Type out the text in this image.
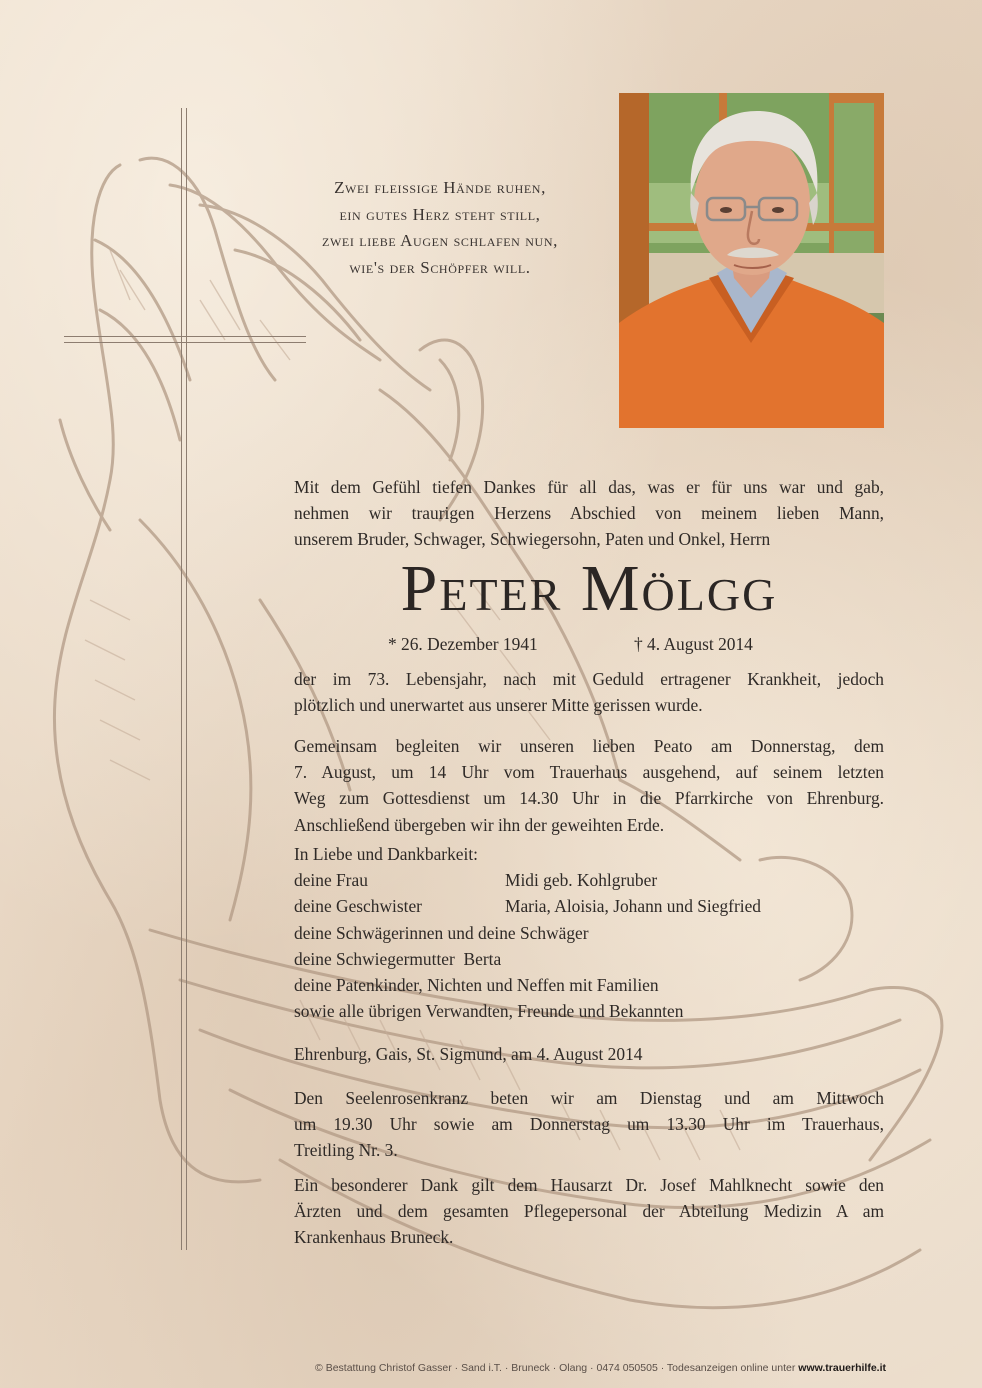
Zwei fleissige Hände ruhen,
ein gutes Herz steht still,
zwei liebe Augen schlafen nun,
wie's der Schöpfer will.
Mit dem Gefühl tiefen Dankes für all das, was er für uns war und gab,
nehmen wir traurigen Herzens Abschied von meinem lieben Mann,
unserem Bruder, Schwager, Schwiegersohn, Paten und Onkel, Herrn
Peter Mölgg
* 26. Dezember 1941	† 4. August 2014
der im 73. Lebensjahr, nach mit Geduld ertragener Krankheit, jedoch
plötzlich und unerwartet aus unserer Mitte gerissen wurde.
Gemeinsam begleiten wir unseren lieben Peato am Donnerstag, dem
7. August, um 14 Uhr vom Trauerhaus ausgehend, auf seinem letzten
Weg zum Gottesdienst um 14.30 Uhr in die Pfarrkirche von Ehrenburg.
Anschließend übergeben wir ihn der geweihten Erde.
In Liebe und Dankbarkeit:
deine Frau	Midi geb. Kohlgruber
deine Geschwister	Maria, Aloisia, Johann und Siegfried
deine Schwägerinnen und deine Schwäger
deine Schwiegermutter  Berta
deine Patenkinder, Nichten und Neffen mit Familien
sowie alle übrigen Verwandten, Freunde und Bekannten
Ehrenburg, Gais, St. Sigmund, am 4. August 2014
Den Seelenrosenkranz beten wir am Dienstag und am Mittwoch
um 19.30 Uhr sowie am Donnerstag um 13.30 Uhr im Trauerhaus,
Treitling Nr. 3.
Ein besonderer Dank gilt dem Hausarzt Dr. Josef Mahlknecht sowie den
Ärzten und dem gesamten Pflegepersonal der Abteilung Medizin A am
Krankenhaus Bruneck.
© Bestattung Christof Gasser · Sand i.T. · Bruneck · Olang · 0474 050505 · Todesanzeigen online unter www.trauerhilfe.it
